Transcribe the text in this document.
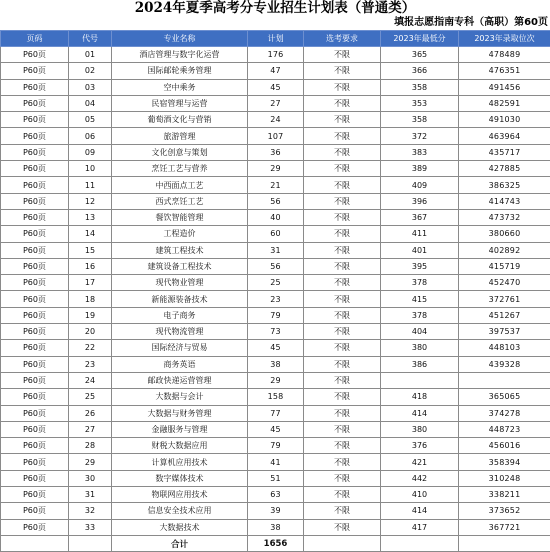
2024年夏季高考分专业招生计划表（普通类）
填报志愿指南专科（高职）第60页
页码	代号	专业名称	计划	选考要求	2023年最低分	2023年录取位次
P60页	01	酒店管理与数字化运营	176	不限	365	478489
P60页	02	国际邮轮乘务管理	47	不限	366	476351
P60页	03	空中乘务	45	不限	358	491456
P60页	04	民宿管理与运营	27	不限	353	482591
P60页	05	葡萄酒文化与营销	24	不限	358	491030
P60页	06	旅游管理	107	不限	372	463964
P60页	09	文化创意与策划	36	不限	383	435717
P60页	10	烹饪工艺与营养	29	不限	389	427885
P60页	11	中西面点工艺	21	不限	409	386325
P60页	12	西式烹饪工艺	56	不限	396	414743
P60页	13	餐饮智能管理	40	不限	367	473732
P60页	14	工程造价	60	不限	411	380660
P60页	15	建筑工程技术	31	不限	401	402892
P60页	16	建筑设备工程技术	56	不限	395	415719
P60页	17	现代物业管理	25	不限	378	452470
P60页	18	新能源装备技术	23	不限	415	372761
P60页	19	电子商务	79	不限	378	451267
P60页	20	现代物流管理	73	不限	404	397537
P60页	22	国际经济与贸易	45	不限	380	448103
P60页	23	商务英语	38	不限	386	439328
P60页	24	邮政快递运营管理	29	不限		
P60页	25	大数据与会计	158	不限	418	365065
P60页	26	大数据与财务管理	77	不限	414	374278
P60页	27	金融服务与管理	45	不限	380	448723
P60页	28	财税大数据应用	79	不限	376	456016
P60页	29	计算机应用技术	41	不限	421	358394
P60页	30	数字媒体技术	51	不限	442	310248
P60页	31	物联网应用技术	63	不限	410	338211
P60页	32	信息安全技术应用	39	不限	414	373652
P60页	33	大数据技术	38	不限	417	367721
		合计	1656			
